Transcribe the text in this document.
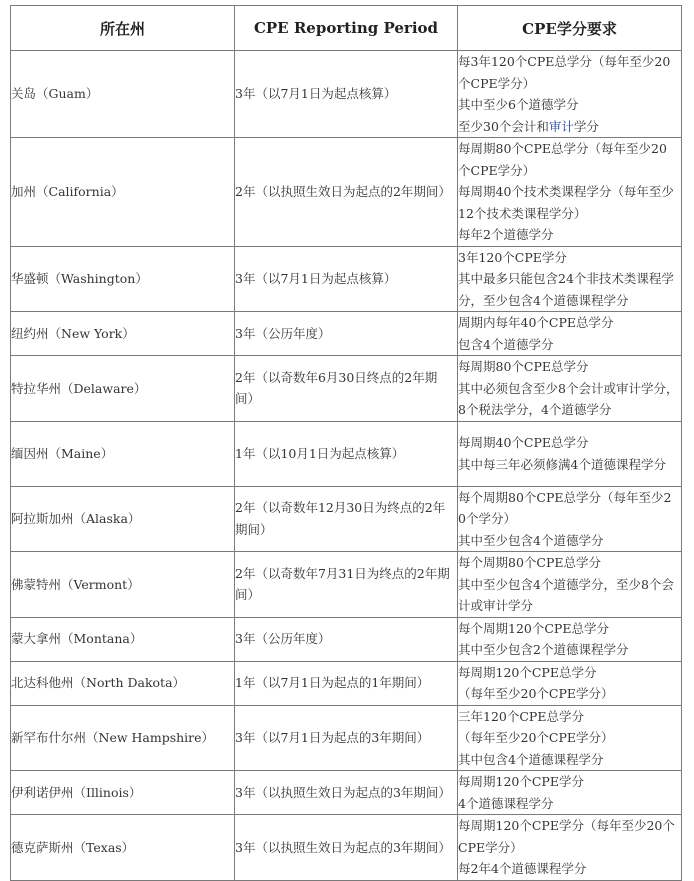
所在州	CPE Reporting Period	CPE学分要求
关岛（Guam）	3年（以7月1日为起点核算）	每3年120个CPE总学分（每年至少20个CPE学分）
其中至少6个道德学分
至少30个会计和审计学分

加州（California）	2年（以执照生效日为起点的2年期间）	每周期80个CPE总学分（每年至少20个CPE学分）
每周期40个技术类课程学分（每年至少12个技术类课程学分）
每年2个道德学分

华盛顿（Washington）	3年（以7月1日为起点核算）	3年120个CPE学分
其中最多只能包含24个非技术类课程学分，至少包含4个道德课程学分

纽约州（New York）	3年（公历年度）	周期内每年40个CPE总学分
包含4个道德学分

特拉华州（Delaware）	2年（以奇数年6月30日终点的2年期间）	每周期80个CPE总学分
其中必须包含至少8个会计或审计学分，8个税法学分，4个道德学分

缅因州（Maine）	1年（以10月1日为起点核算）	每周期40个CPE总学分
其中每三年必须修满4个道德课程学分

阿拉斯加州（Alaska）	2年（以奇数年12月30日为终点的2年期间）	每个周期80个CPE总学分（每年至少20个学分）
其中至少包含4个道德学分

佛蒙特州（Vermont）	2年（以奇数年7月31日为终点的2年期间）	每个周期80个CPE总学分
其中至少包含4个道德学分，至少8个会计或审计学分

蒙大拿州（Montana）	3年（公历年度）	每个周期120个CPE总学分
其中至少包含2个道德课程学分

北达科他州（North Dakota）	1年（以7月1日为起点的1年期间）	每周期120个CPE总学分
（每年至少20个CPE学分）

新罕布什尔州（New Hampshire）	3年（以7月1日为起点的3年期间）	三年120个CPE总学分
（每年至少20个CPE学分）
其中包含4个道德课程学分

伊利诺伊州（Illinois）	3年（以执照生效日为起点的3年期间）	每周期120个CPE学分
4个道德课程学分

德克萨斯州（Texas）	3年（以执照生效日为起点的3年期间）	每周期120个CPE学分（每年至少20个CPE学分）
每2年4个道德课程学分
